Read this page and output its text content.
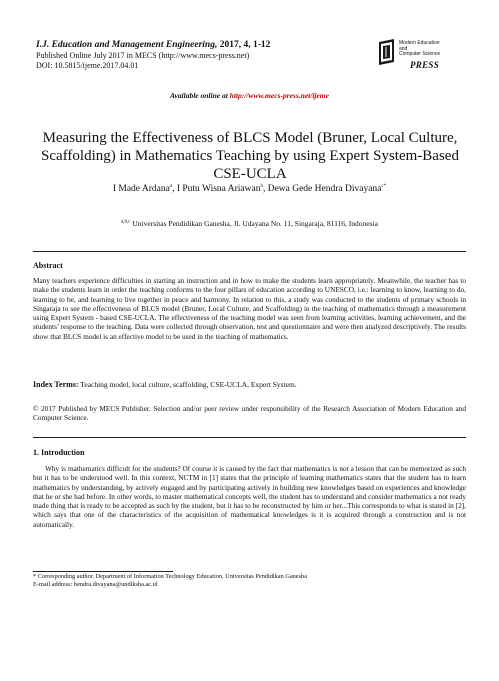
I.J. Education and Management Engineering, 2017, 4, 1-12
Published Online July 2017 in MECS (http://www.mecs-press.net)
DOI: 10.5815/ijeme.2017.04.01
Modern Education
and
Computer Science
PRESS
Available online at http://www.mecs-press.net/ijeme
Measuring the Effectiveness of BLCS Model (Bruner, Local Culture, Scaffolding) in Mathematics Teaching by using Expert System-Based CSE-UCLA
I Made Ardana$^a$, I Putu Wisna Ariawan$^b$, Dewa Gede Hendra Divayana$^{c*}$
$^{a,b,c}$ Universitas Pendidikan Ganesha, Jl. Udayana No. 11, Singaraja, 81116, Indonesia
Abstract
Many teachers experience difficulties in starting an instruction and in how to make the students learn appropriately. Meanwhile, the teacher has to make the students learn in order the teaching conforms to the four pillars of education according to UNESCO, i.e.: learning to know, learning to do, learning to be, and learning to live together in peace and harmony. In relation to this, a study was conducted to the students of primary schools in Singaraja to see the effectiveness of BLCS model (Bruner, Local Culture, and Scaffolding) in the teaching of mathematics through a measurement using Expert System - based CSE-UCLA. The effectiveness of the teaching model was seen from learning activities, learning achievement, and the students’ response to the teaching. Data were collected through observation, test and questionnaire and were then analyzed descriptively. The results show that BLCS model is an effective model to be used in the teaching of mathematics.
Index Terms: Teaching model, local culture, scaffolding, CSE-UCLA, Expert System.
© 2017 Published by MECS Publisher. Selection and/or peer review under responsibility of the Research Association of Modern Education and Computer Science.
1. Introduction
Why is mathematics difficult for the students? Of course it is caused by the fact that mathematics is not a lesson that can be memorized as such but it has to be understood well. In this context, NCTM in [1] states that the principle of learning mathematics states that the student has to learn mathematics by understanding, by actively engaged and by participating actively in building new knowledges based on experiences and knowledge that he or she had before. In other words, to master mathematical concepts well, the student has to understand and consider mathematics a not ready made thing that is ready to be accepted as such by the student, but it has to be reconstructed by him or her...This corresponds to what is stated in [2], which says that one of the characteristics of the acquisition of mathematical knowledges is it is acquired through a construction and is not automatically.
* Corresponding author. Department of Information Technology Education, Universitas Pendidikan Ganesha
E-mail address: hendra.divayana@undiksha.ac.id
